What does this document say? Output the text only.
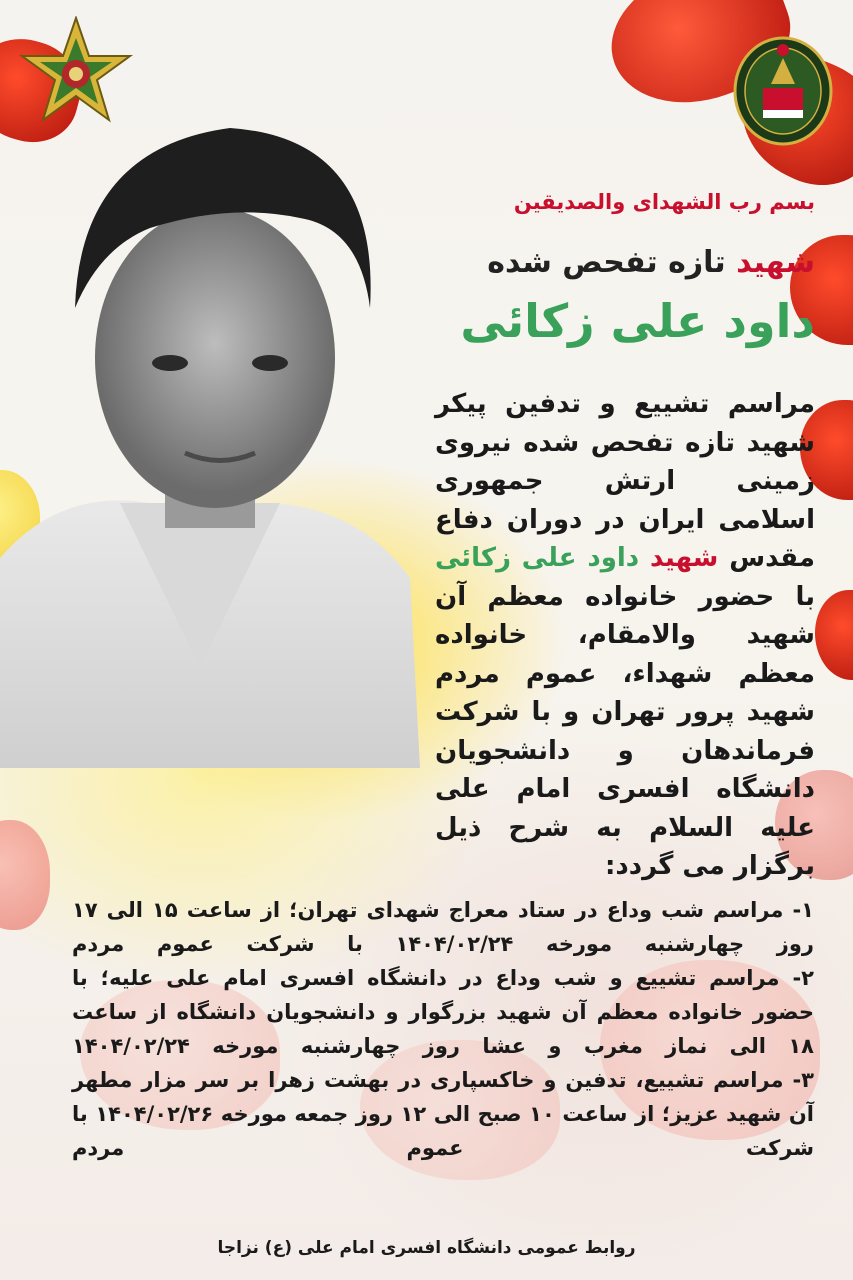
بسم رب الشهدای والصدیقین
شهید تازه تفحص شده
داود علی زکائی
مراسم تشییع و تدفین پیکر شهید تازه تفحص شده نیروی زمینی ارتش جمهوری اسلامی ایران در دوران دفاع مقدس شهید داود علی زکائی با حضور خانواده معظم آن شهید والامقام، خانواده معظم شهداء، عموم مردم شهید پرور تهران و با شرکت فرماندهان و دانشجویان دانشگاه افسری امام علی علیه السلام به شرح ذیل برگزار می گردد:

۱- مراسم شب وداع در ستاد معراج شهدای تهران؛ از ساعت ۱۵ الی ۱۷ روز چهارشنبه مورخه ۱۴۰۴/۰۲/۲۴ با شرکت عموم مردم

۲- مراسم تشییع و شب وداع در دانشگاه افسری امام علی علیه؛ با حضور خانواده معظم آن شهید بزرگوار و دانشجویان دانشگاه از ساعت ۱۸ الی نماز مغرب و عشا روز چهارشنبه مورخه ۱۴۰۴/۰۲/۲۴

۳- مراسم تشییع، تدفین و خاکسپاری در بهشت زهرا بر سر مزار مطهر آن شهید عزیز؛ از ساعت ۱۰ صبح الی ۱۲ روز جمعه مورخه ۱۴۰۴/۰۲/۲۶ با شرکت عموم مردم

روابط عمومی دانشگاه افسری امام علی (ع) نزاجا
